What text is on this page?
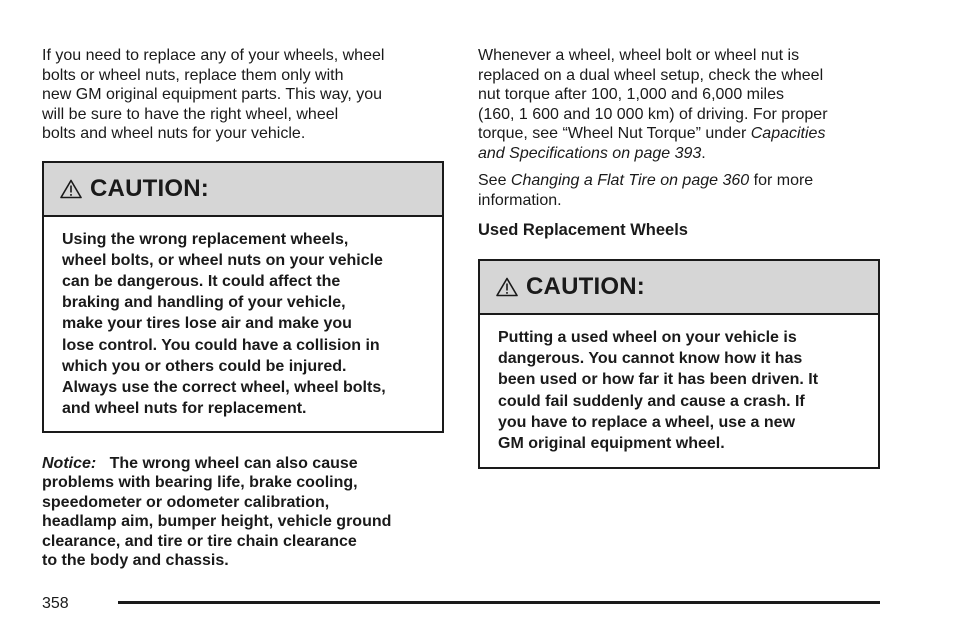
If you need to replace any of your wheels, wheel
bolts or wheel nuts, replace them only with
new GM original equipment parts. This way, you
will be sure to have the right wheel, wheel
bolts and wheel nuts for your vehicle.

CAUTION:
Using the wrong replacement wheels,
wheel bolts, or wheel nuts on your vehicle
can be dangerous. It could affect the
braking and handling of your vehicle,
make your tires lose air and make you
lose control. You could have a collision in
which you or others could be injured.
Always use the correct wheel, wheel bolts,
and wheel nuts for replacement.

Notice: The wrong wheel can also cause
problems with bearing life, brake cooling,
speedometer or odometer calibration,
headlamp aim, bumper height, vehicle ground
clearance, and tire or tire chain clearance
to the body and chassis.

Whenever a wheel, wheel bolt or wheel nut is
replaced on a dual wheel setup, check the wheel
nut torque after 100, 1,000 and 6,000 miles
(160, 1 600 and 10 000 km) of driving. For proper
torque, see “Wheel Nut Torque” under Capacities
and Specifications on page 393.

See Changing a Flat Tire on page 360 for more
information.

Used Replacement Wheels

CAUTION:
Putting a used wheel on your vehicle is
dangerous. You cannot know how it has
been used or how far it has been driven. It
could fail suddenly and cause a crash. If
you have to replace a wheel, use a new
GM original equipment wheel.
358
